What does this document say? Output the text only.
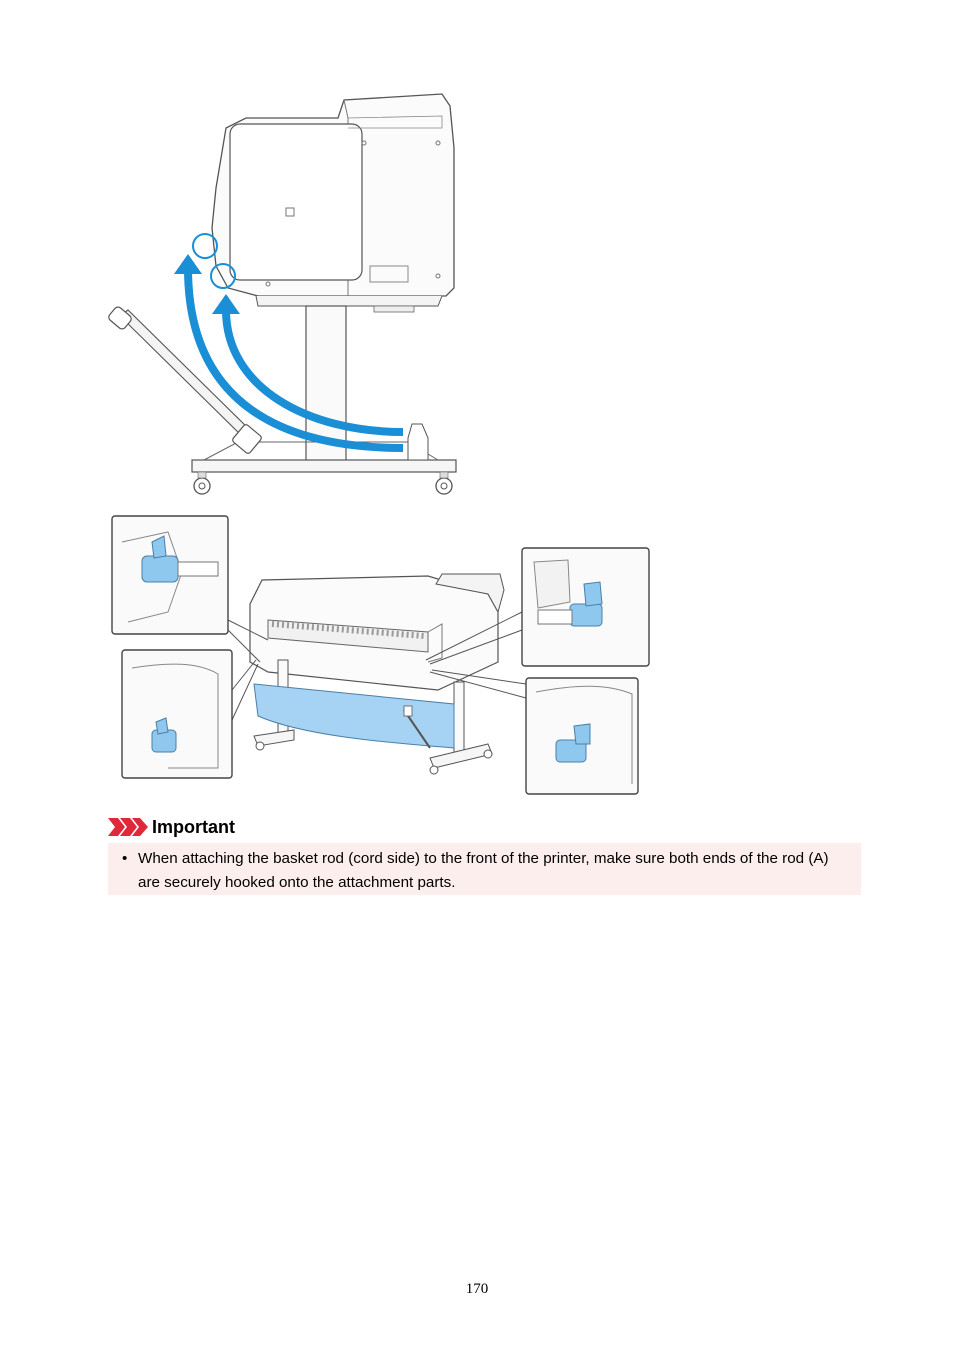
Important
• When attaching the basket rod (cord side) to the front of the printer, make sure both ends of the rod (A) are securely hooked onto the attachment parts.
170
